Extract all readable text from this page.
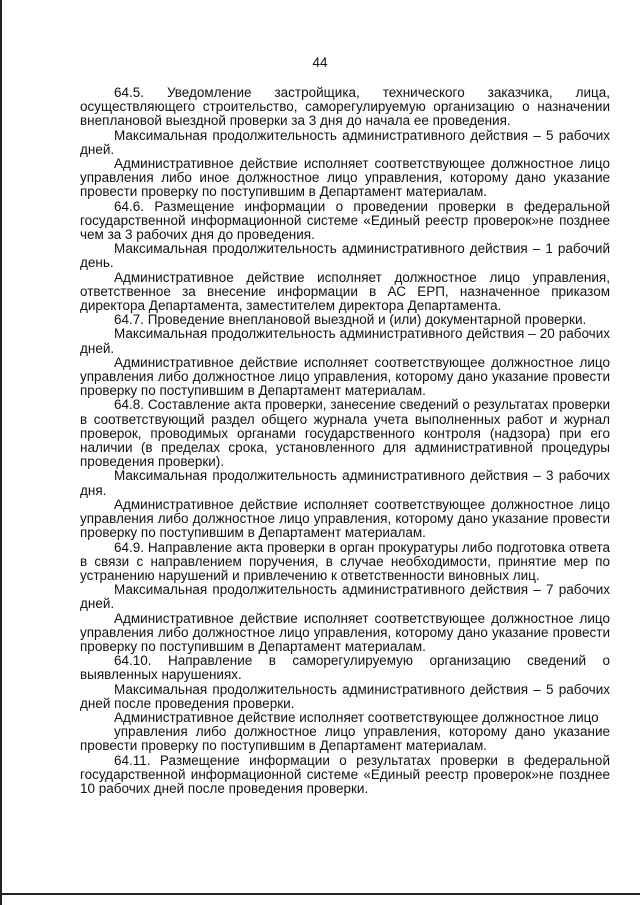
44

64.5. Уведомление застройщика, технического заказчика, лица, осуществляющего строительство, саморегулируемую организацию о назначении внеплановой выездной проверки за 3 дня до начала ее проведения.

Максимальная продолжительность административного действия – 5 рабочих дней.

Административное действие исполняет соответствующее должностное лицо управления либо иное должностное лицо управления, которому дано указание провести проверку по поступившим в Департамент материалам.

64.6. Размещение информации о проведении проверки в федеральной государственной информационной системе «Единый реестр проверок»не позднее чем за 3 рабочих дня до проведения.

Максимальная продолжительность административного действия – 1 рабочий день.

Административное действие исполняет должностное лицо управления, ответственное за внесение информации в АС ЕРП, назначенное приказом директора Департамента, заместителем директора Департамента.

64.7. Проведение внеплановой выездной и (или) документарной проверки.

Максимальная продолжительность административного действия – 20 рабочих дней.

Административное действие исполняет соответствующее должностное лицо управления либо должностное лицо управления, которому дано указание провести проверку по поступившим в Департамент материалам.

64.8. Составление акта проверки, занесение сведений о результатах проверки в соответствующий раздел общего журнала учета выполненных работ и журнал проверок, проводимых органами государственного контроля (надзора) при его наличии (в пределах срока, установленного для административной процедуры проведения проверки).

Максимальная продолжительность административного действия – 3 рабочих дня.

Административное действие исполняет соответствующее должностное лицо управления либо должностное лицо управления, которому дано указание провести проверку по поступившим в Департамент материалам.

64.9. Направление акта проверки в орган прокуратуры либо подготовка ответа в связи с направлением поручения, в случае необходимости, принятие мер по устранению нарушений и привлечению к ответственности виновных лиц.

Максимальная продолжительность административного действия – 7 рабочих дней.

Административное действие исполняет соответствующее должностное лицо управления либо должностное лицо управления, которому дано указание провести проверку по поступившим в Департамент материалам.

64.10. Направление в саморегулируемую организацию сведений о выявленных нарушениях.

Максимальная продолжительность административного действия – 5 рабочих дней после проведения проверки.

Административное действие исполняет соответствующее должностное лицо

управления либо должностное лицо управления, которому дано указание провести проверку по поступившим в Департамент материалам.

64.11. Размещение информации о результатах проверки в федеральной государственной информационной системе «Единый реестр проверок»не позднее 10 рабочих дней после проведения проверки.
